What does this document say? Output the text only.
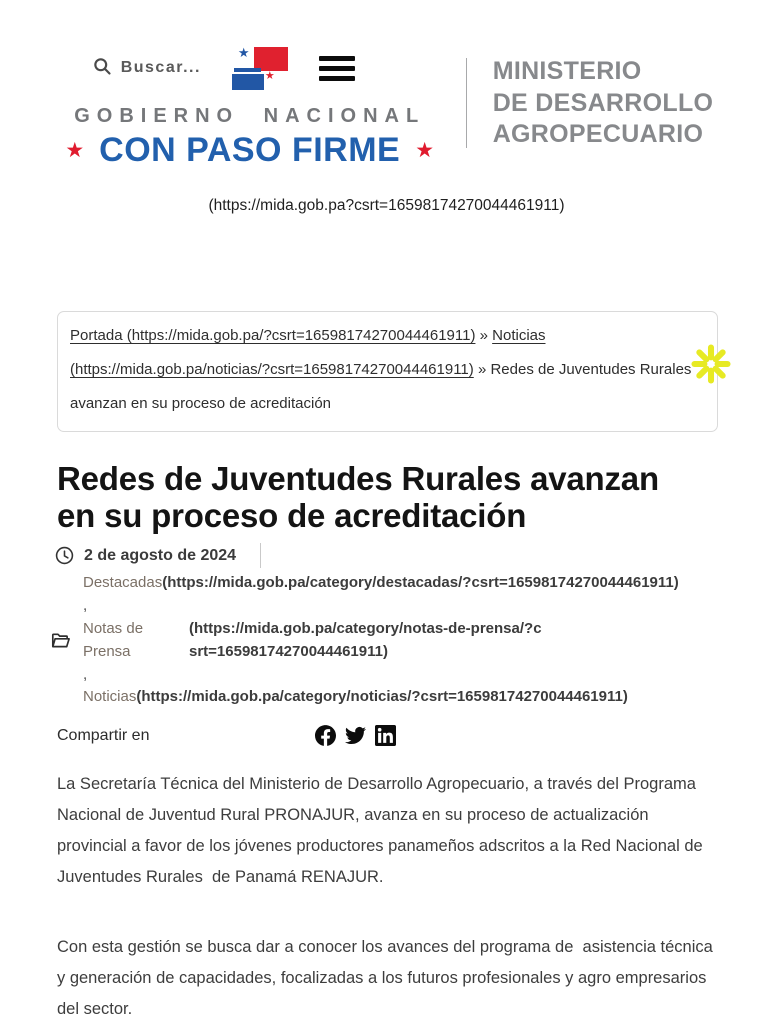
Buscar...
★
★
GOBIERNO NACIONAL
★ CON PASO FIRME ★
MINISTERIO
DE DESARROLLO
AGROPECUARIO
(https://mida.gob.pa?csrt=16598174270044461911)
Portada (https://mida.gob.pa/?csrt=16598174270044461911) » Noticias (https://mida.gob.pa/noticias/?csrt=16598174270044461911) » Redes de Juventudes Rurales avanzan en su proceso de acreditación
Redes de Juventudes Rurales avanzan
en su proceso de acreditación
2 de agosto de 2024
Destacadas(https://mida.gob.pa/category/destacadas/?csrt=16598174270044461911)
,
Notas de Prensa
(https://mida.gob.pa/category/notas-de-prensa/?csrt=16598174270044461911)
,
Noticias(https://mida.gob.pa/category/noticias/?csrt=16598174270044461911)
Compartir en

La Secretaría Técnica del Ministerio de Desarrollo Agropecuario, a través del Programa Nacional de Juventud Rural PRONAJUR, avanza en su proceso de actualización provincial a favor de los jóvenes productores panameños adscritos a la Red Nacional de Juventudes Rurales  de Panamá RENAJUR.

Con esta gestión se busca dar a conocer los avances del programa de  asistencia técnica y generación de capacidades, focalizadas a los futuros profesionales y agro empresarios del sector.
